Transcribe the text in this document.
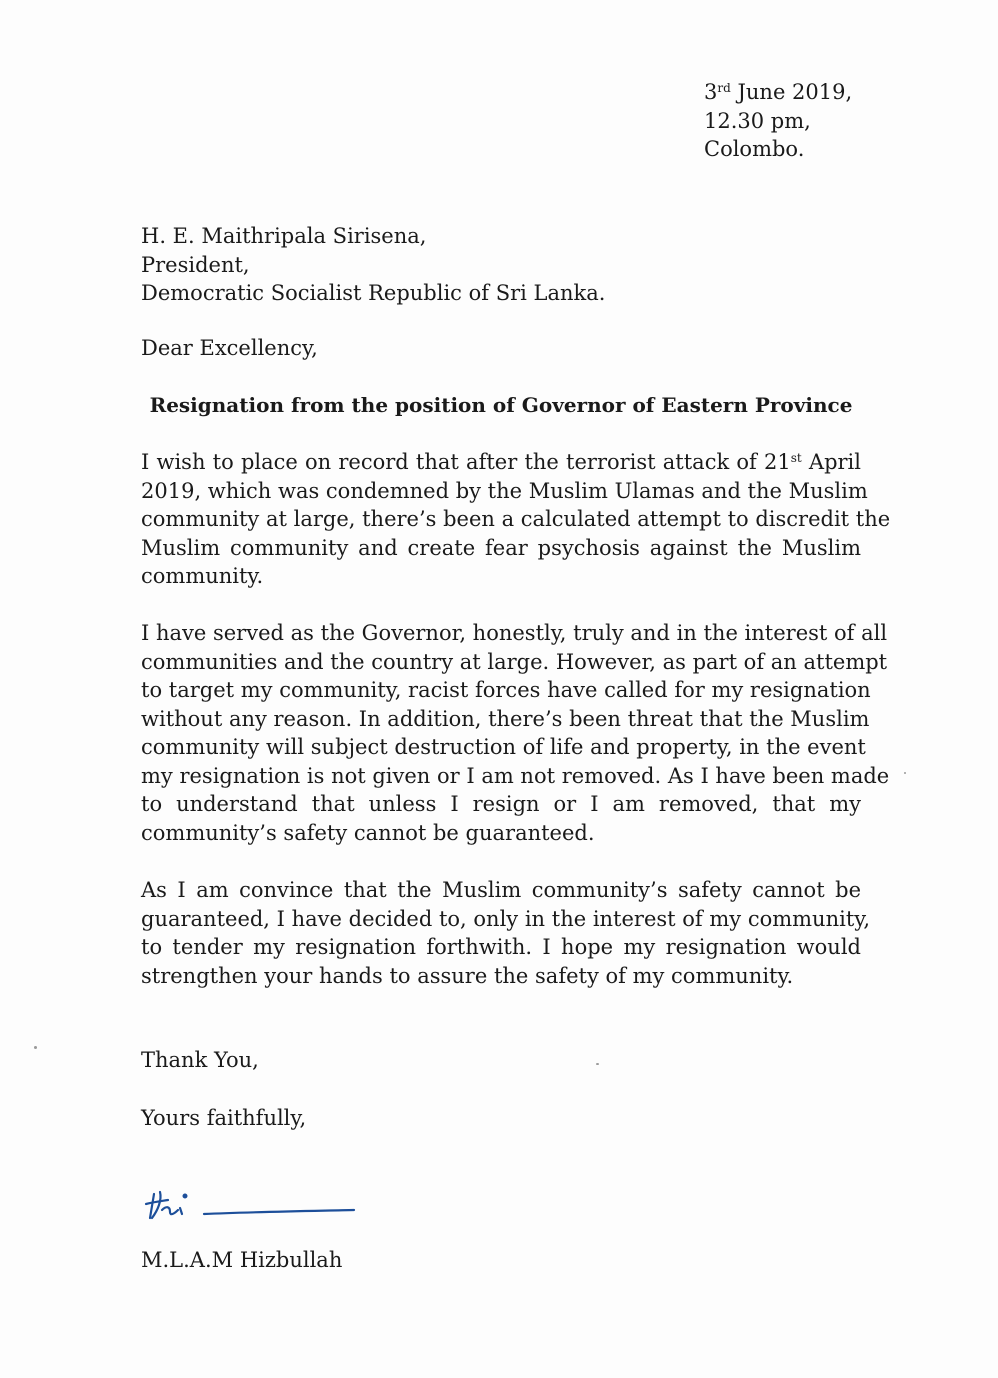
3rd June 2019,
12.30 pm,
Colombo.
H. E. Maithripala Sirisena,
President,
Democratic Socialist Republic of Sri Lanka.

Dear Excellency,

Resignation from the position of Governor of Eastern Province

I wish to place on record that after the terrorist attack of 21st April
2019, which was condemned by the Muslim Ulamas and the Muslim
community at large, there’s been a calculated attempt to discredit the
Muslim community and create fear psychosis against the Muslim
community.
I have served as the Governor, honestly, truly and in the interest of all
communities and the country at large. However, as part of an attempt
to target my community, racist forces have called for my resignation
without any reason. In addition, there’s been threat that the Muslim
community will subject destruction of life and property, in the event
my resignation is not given or I am not removed. As I have been made
to understand that unless I resign or I am removed, that my
community’s safety cannot be guaranteed.
As I am convince that the Muslim community’s safety cannot be
guaranteed, I have decided to, only in the interest of my community,
to tender my resignation forthwith. I hope my resignation would
strengthen your hands to assure the safety of my community.

Thank You,

Yours faithfully,

M.L.A.M Hizbullah
